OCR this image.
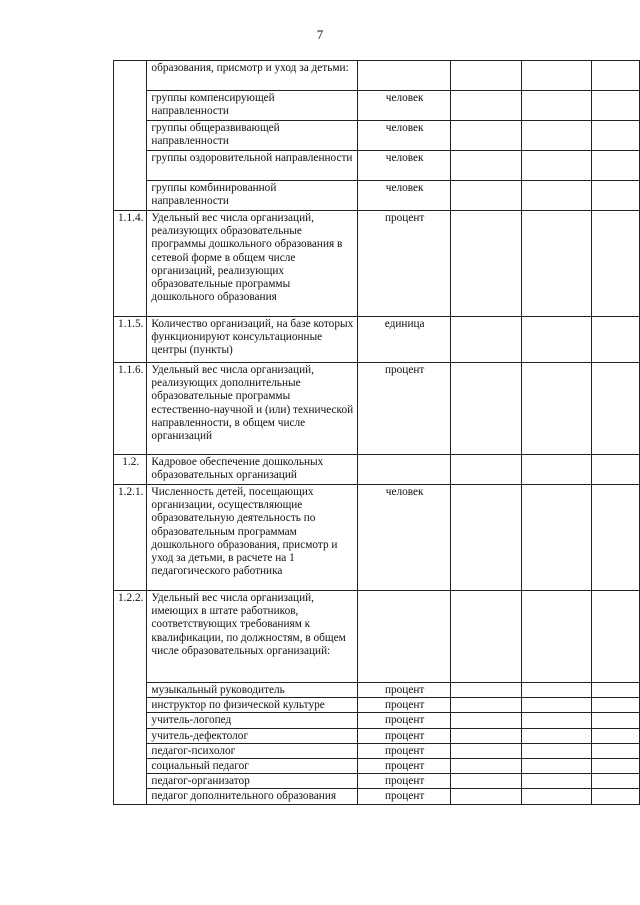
7
	образования, присмотр и уход за детьми:				
	группы компенсирующей направленности	человек			
	группы общеразвивающей направленности	человек			
	группы оздоровительной направленности	человек			
	группы комбинированной направленности	человек			
1.1.4.	Удельный вес числа организаций, реализующих образовательные программы дошкольного образования в сетевой форме в общем числе организаций, реализующих образовательные программы дошкольного образования	процент			
1.1.5.	Количество организаций, на базе которых функционируют консультационные центры (пункты)	единица			
1.1.6.	Удельный вес числа организаций, реализующих дополнительные образовательные программы естественно-научной и (или) технической направленности, в общем числе организаций	процент			
1.2.	Кадровое обеспечение дошкольных образовательных организаций				
1.2.1.	Численность детей, посещающих организации, осуществляющие образовательную деятельность по образовательным программам дошкольного образования, присмотр и уход за детьми, в расчете на 1 педагогического работника	человек			
1.2.2.	Удельный вес числа организаций, имеющих в штате работников, соответствующих требованиям к квалификации, по должностям, в общем числе образовательных организаций:				
	музыкальный руководитель	процент			
	инструктор по физической культуре	процент			
	учитель-логопед	процент			
	учитель-дефектолог	процент			
	педагог-психолог	процент			
	социальный педагог	процент			
	педагог-организатор	процент			
	педагог дополнительного образования	процент			
